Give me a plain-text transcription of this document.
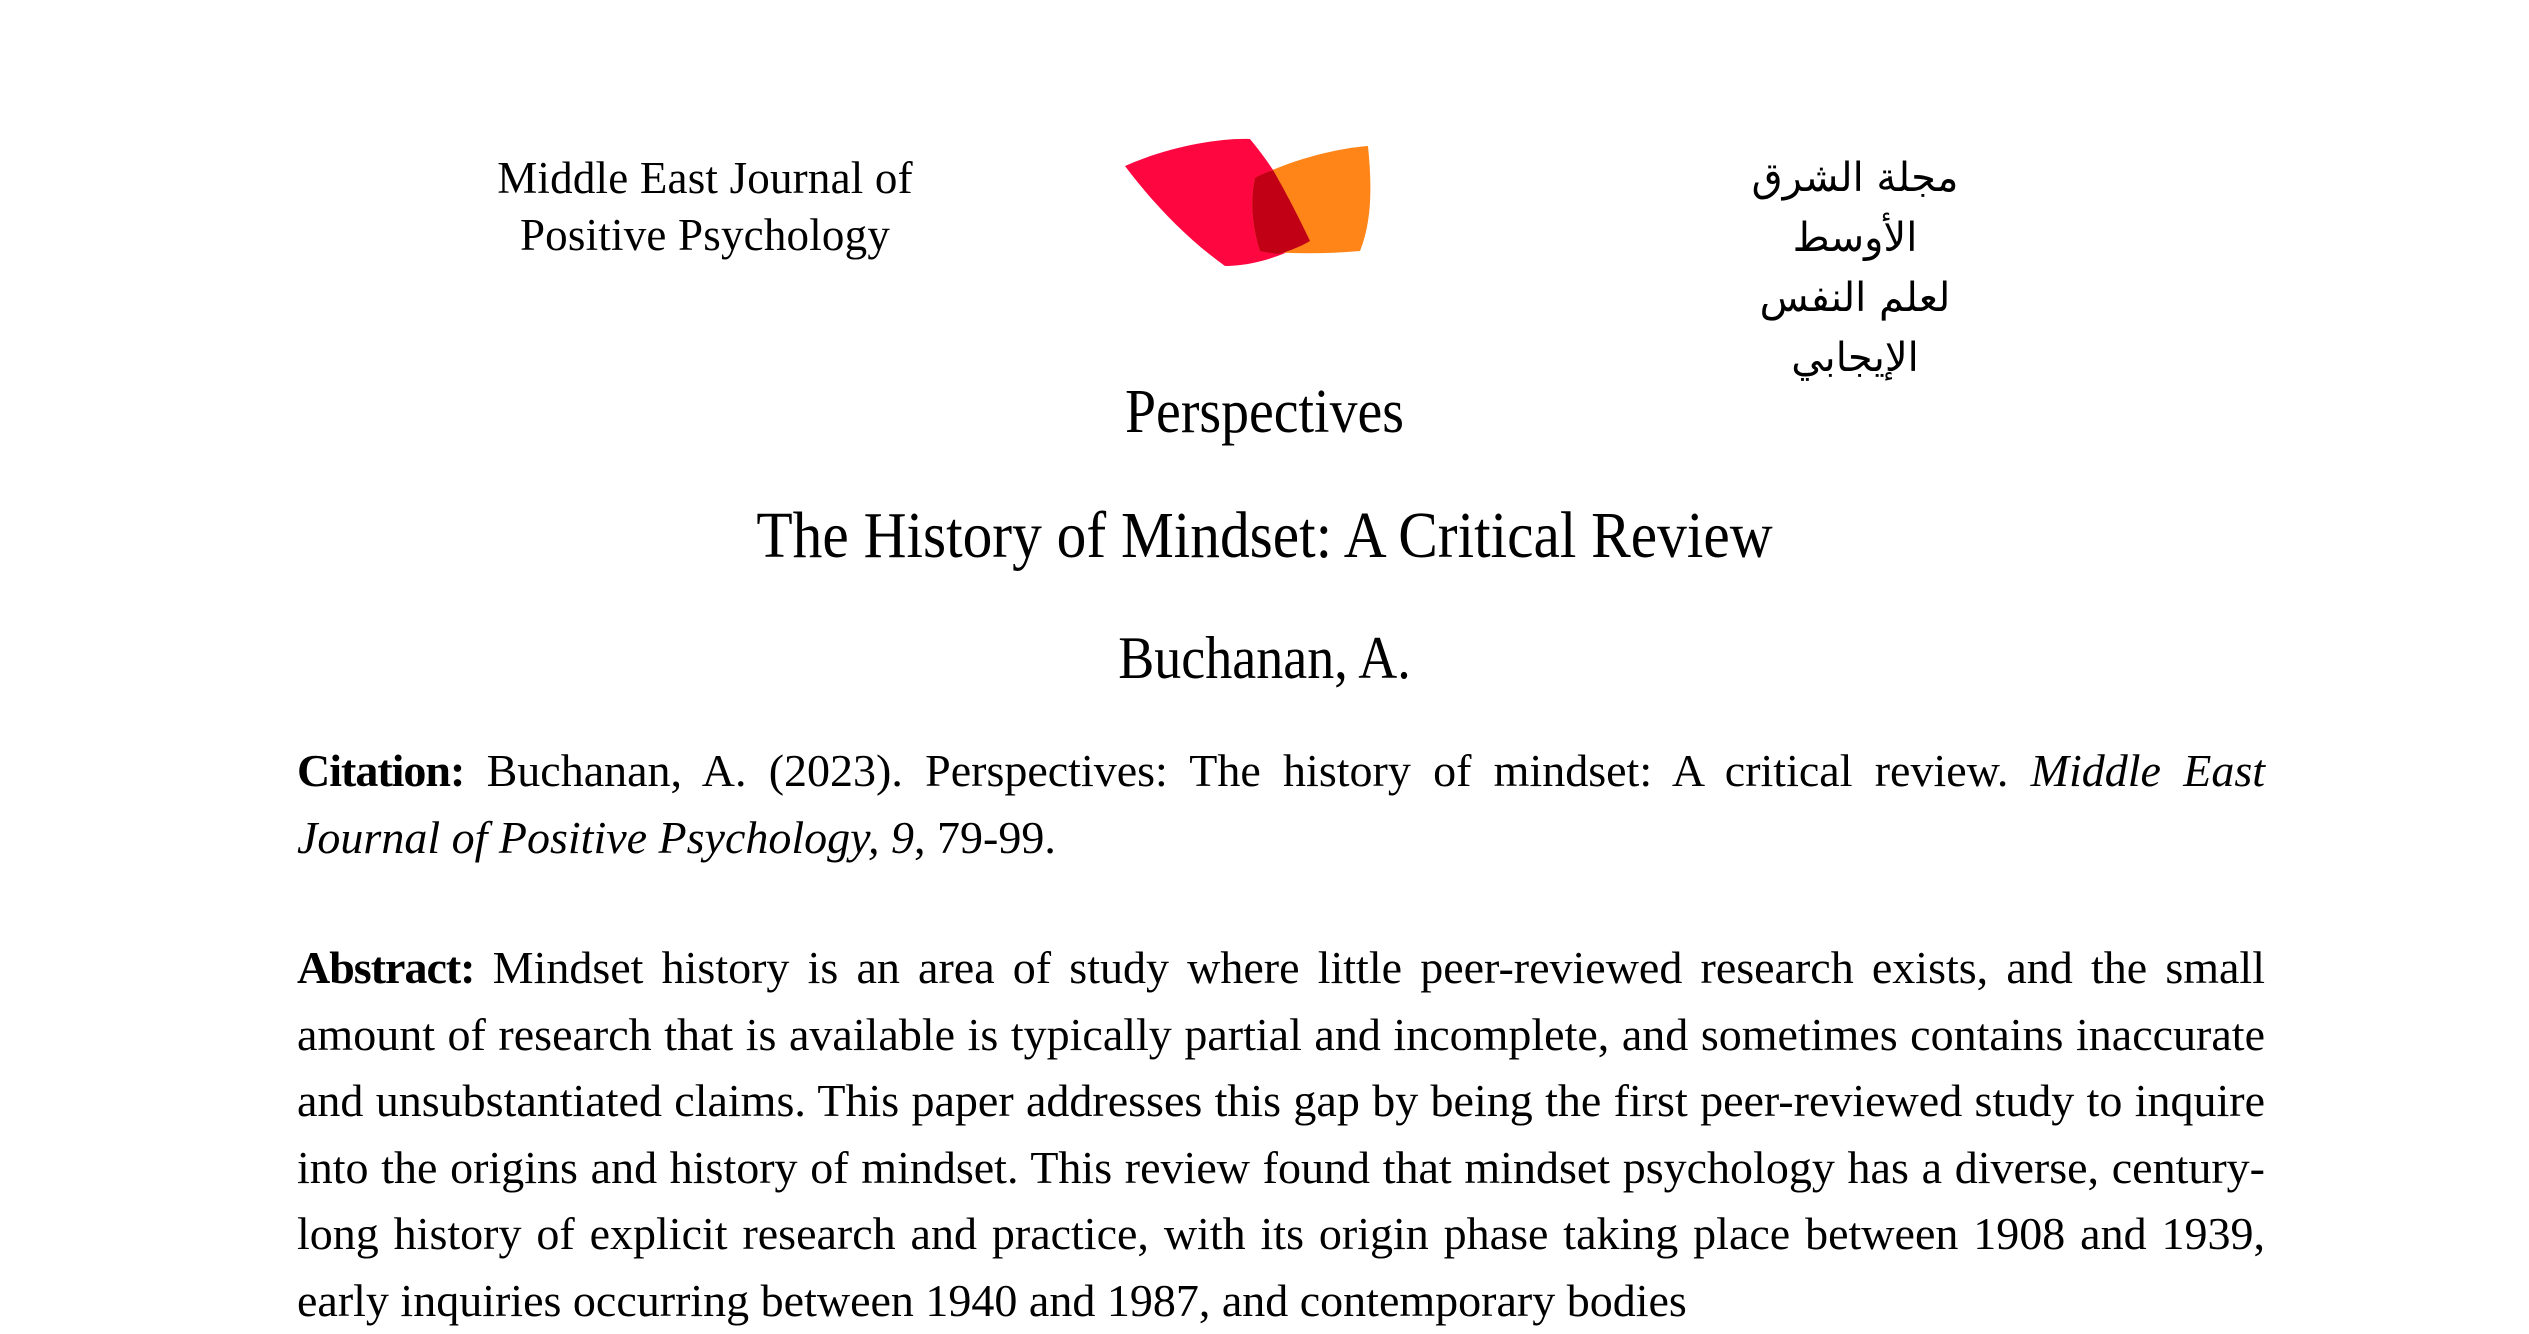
Middle East Journal of
Positive Psychology
مجلة الشرق الأوسط
لعلم النفس الإيجابي
Perspectives
The History of Mindset: A Critical Review
Buchanan, A.

Citation: Buchanan, A. (2023). Perspectives: The history of mindset: A critical review. Middle East Journal of Positive Psychology, 9, 79-99.

Abstract: Mindset history is an area of study where little peer-reviewed research exists, and the small amount of research that is available is typically partial and incomplete, and sometimes contains inaccurate and unsubstantiated claims. This paper addresses this gap by being the first peer-reviewed study to inquire into the origins and history of mindset. This review found that mindset psychology has a diverse, century-long history of explicit research and practice, with its origin phase taking place between 1908 and 1939, early inquiries occurring between 1940 and 1987, and contemporary bodies
